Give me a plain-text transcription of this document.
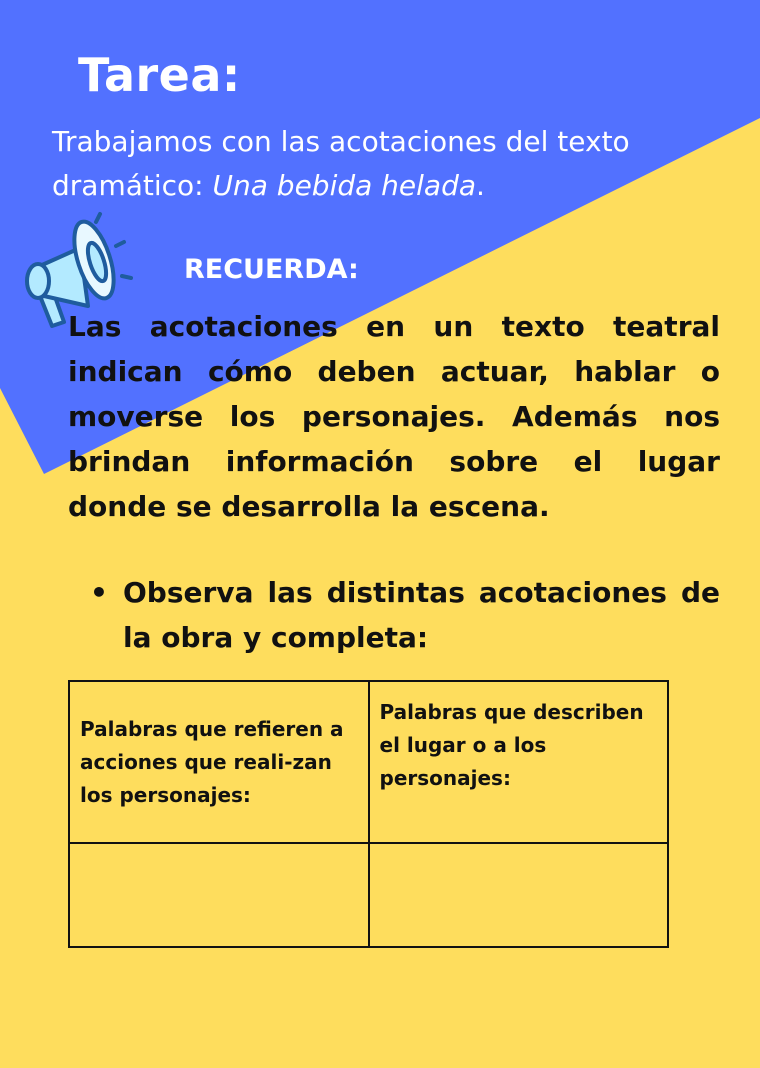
Tarea:
Trabajamos con las acotaciones del texto dramático: Una bebida helada.
RECUERDA:
Las acotaciones en un texto teatral indican cómo deben actuar, hablar o moverse los personajes. Además nos brindan información sobre el lugar donde se desarrolla la escena.
• Observa las distintas acotaciones de la obra y completa:
Palabras que refieren a acciones que reali-zan los personajes:	Palabras que describen el lugar o a los personajes:
